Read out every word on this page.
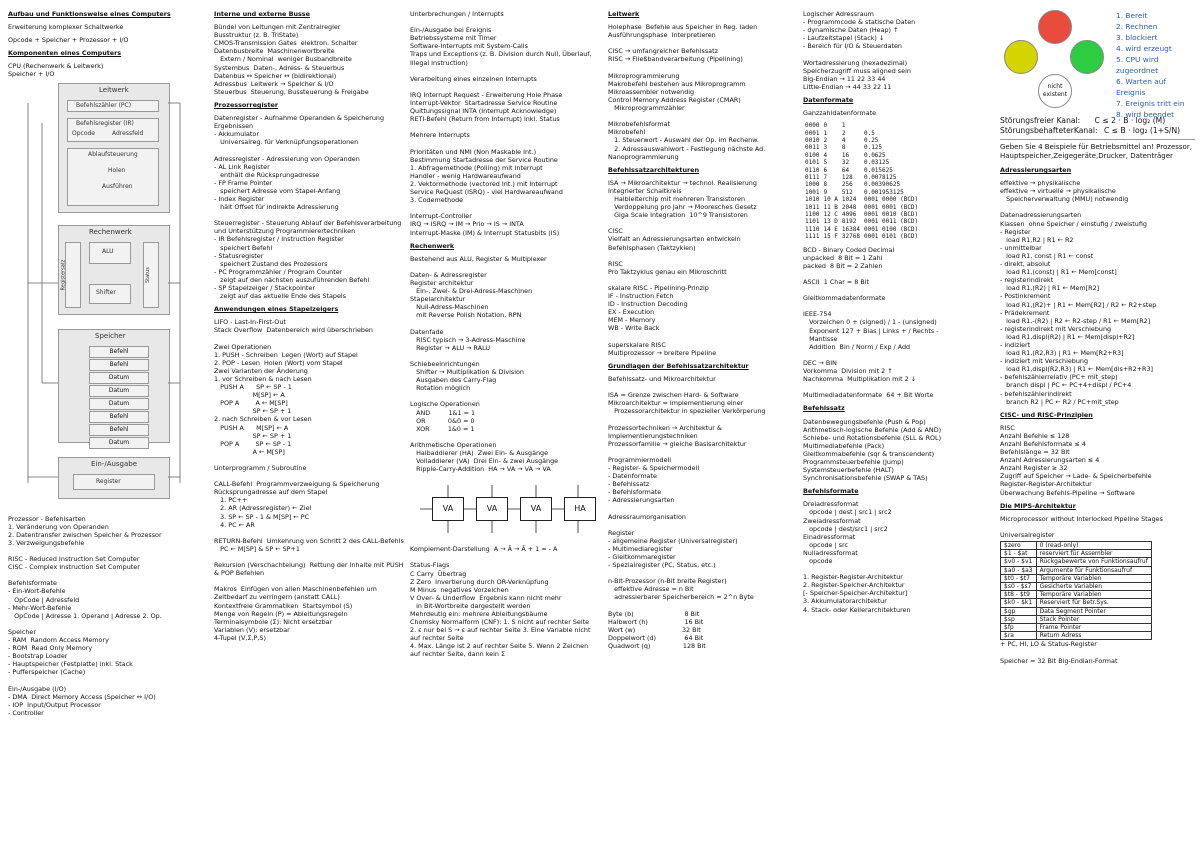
Aufbau und Funktionsweise eines Computers

Erweiterung komplexer Schaltwerke

Opcode + Speicher + Prozessor + I/O

Komponenten eines Computers

CPU (Rechenwerk & Leitwerk)

Speicher + I/O

Leitwerk
Befehlszähler (PC)
Befehlsregister (IR)
Opcode	Adressfeld
Ablaufsteuerung
Holen
Ausführen
Rechenwerk
ALU
Registersatz
Shifter
Status
Speicher
Befehl
Befehl
Datum
Datum
Datum
Befehl
Befehl
Datum
Ein-/Ausgabe
Register

Prozessor - Befehlsarten

1. Veränderung von Operanden

2. Datentransfer zwischen Speicher & Prozessor

3. Verzweigungsbefehle

RISC - Reduced Instruction Set Computer

CISC - Complex Instruction Set Computer

Befehlsformate

- Ein-Wort-Befehle

OpCode | Adressfeld

- Mehr-Wort-Befehle

OpCode | Adresse 1. Operand | Adresse 2. Op.

Speicher

- RAM  Random Access Memory

- ROM  Read Only Memory

- Bootstrap Loader

- Hauptspeicher (Festplatte) inkl. Stack

- Pufferspeicher (Cache)

Ein-/Ausgabe (I/O)

- DMA  Direct Memory Access (Speicher ↔ I/O)

- IOP  Input/Output Processor

- Controller

Interne und externe Busse

Bündel von Leitungen mit Zentralregler

Busstruktur (z. B. TriState)

CMOS-Transmission Gates  elektron. Schalter

Datenbusbreite  Maschinenwortbreite

Extern / Nominal  weniger Busbandbreite

Systembus  Daten-, Adress- & Steuerbus

Datenbus ↔ Speicher ↔ (bidirektional)

Adressbus  Leitwerk → Speicher & I/O

Steuerbus  Steuerung, Bussteuerung & Freigabe

Prozessorregister

Datenregister - Aufnahme Operanden & Speicherung Ergebnissen

- Akkumulator

Universalreg. für Verknüpfungsoperationen

Adressregister - Adressierung von Operanden

- AL Link Register

enthält die Rücksprungadresse

- FP Frame Pointer

speichert Adresse vom Stapel-Anfang

- Index Register

hält Offset für indirekte Adressierung

Steuerregister - Steuerung Ablauf der Befehlsverarbeitung und Unterstützung Programmierertechniken

- IR Befehlsregister / Instruction Register

speichert Befehl

- Statusregister

speichert Zustand des Prozessors

- PC Programmzähler / Program Counter

zeigt auf den nächsten auszuführenden Befehl

- SP Stapelzeiger / Stackpointer

zeigt auf das aktuelle Ende des Stapels

Anwendungen eines Stapelzeigers

LIFO - Last-In-First-Out

Stack Overflow  Datenbereich wird überschrieben

Zwei Operationen

1. PUSH - Schreiben  Legen (Wort) auf Stapel

2. POP - Lesen  Holen (Wort) vom Stapel

Zwei Varianten der Änderung

1. vor Schreiben & nach Lesen

PUSH A      SP ← SP - 1

M[SP] ← A

POP A        A ← M[SP]

SP ← SP + 1

2. nach Schreiben & vor Lesen

PUSH A      M[SP] ← A

SP ← SP + 1

POP A        SP ← SP - 1

A ← M[SP]

Unterprogramm / Subroutine

CALL-Befehl  Programmverzweigung & Speicherung Rücksprungadresse auf dem Stapel

1. PC++

2. AR (Adressregister) ← Ziel

3. SP ← SP - 1 & M[SP] ← PC

4. PC ← AR

RETURN-Befehl  Umkehrung von Schritt 2 des CALL-Befehls

PC ← M[SP] & SP ← SP+1

Rekursion (Verschachtelung)  Rettung der Inhalte mit PUSH & POP Befehlen

Makros  Einfügen von allen Maschinenbefehlen um Zeitbedarf zu verringern (anstatt CALL)

Kontextfreie Grammatiken  Startsymbol (S)

Menge von Regeln (P) = Ableitungsregeln

Terminalsymbole (Σ): Nicht ersetzbar

Variablen (V): ersetzbar

4-Tupel (V,Σ,P,S)

Unterbrechungen / Interrupts

Ein-/Ausgabe bei Ereignis

Betriebssysteme mit Timer

Software-Interrupts mit System-Calls

Traps und Exceptions (z. B. Division durch Null, Überlauf, Illegal Instruction)

Verarbeitung eines einzelnen Interrupts

IRQ Interrupt Request - Erweiterung Hole Phase

Interrupt-Vektor  Startadresse Service Routine

Quittungssignal INTA (Interrupt Acknowledge)

RETI-Befehl (Return from Interrupt) inkl. Status

Mehrere Interrupts

Prioritäten und NMI (Non Maskable Int.)

Bestimmung Startadresse der Service Routine

1. Abfragemethode (Polling) mit Interrupt

Handler - wenig Hardwareaufwand

2. Vektormethode (vectored Int.) mit Interrupt

Service ReQuest (ISRQ) - viel Hardwareaufwand

3. Codemethode

Interrupt-Controller

IRQ → ISRQ → IM → Prio → IS → INTA

Interrupt-Maske (IM) & Interrupt Statusbits (IS)

Rechenwerk

Bestehend aus ALU, Register & Multiplexer

Daten- & Adressregister

Register architektur

Ein-, Zwei- & Drei-Adress-Maschinen

Stapelarchitektur

Null-Adress-Maschinen

mit Reverse Polish Notation, RPN

Datenfade

RISC typisch → 3-Adress-Maschine

Register → ALU → RALU

Schiebeeinrichtungen

Shifter → Multiplikation & Division

Ausgaben des Carry-Flag

Rotation möglich

Logische Operationen

AND         1&1 = 1

OR           0&0 = 0

XOR         1&0 = 1

Arithmetische Operationen

Halbaddierer (HA)  Zwei Ein- & Ausgänge

Volladdierer (VA)  Drei Ein- & zwei Ausgänge

Ripple-Carry-Addition  HA → VA → VA → VA

VA	VA	VA	HA

Komplement-Darstellung  A → Ā → Ā + 1 = - A

Status-Flags

C Carry  Übertrag

Z Zero  Invertierung durch OR-Verknüpfung

M Minus  negatives Vorzeichen

V Over- & Underflow  Ergebnis kann nicht mehr

in Bit-Wortbreite dargestellt werden

Mehrdeutig ein: mehrere Ableitungsbäume

Chomsky Normalform (CNF): 1. S nicht auf rechter Seite

2. ε nur bei S → ε auf rechter Seite 3. Eine Variable nicht

auf rechter Seite

4. Max. Länge ist 2 auf rechter Seite 5. Wenn 2 Zeichen

auf rechter Seite, dann kein Σ

Leitwerk

Holephase  Befehle aus Speicher in Reg. laden

Ausführungsphase  Interpretieren

CISC → umfangreicher Befehlssatz

RISC → Fließbandverarbeitung (Pipelining)

Mikroprogrammierung

Makrobefehl bestehen aus Mikroprogramm

Mikroassembler notwendig

Control Memory Address Register (CMAR)

Mikroprogrammzähler

Mikrobefehlsformat

Mikrobefehl

1. Steuerwort - Auswahl der Op. im Rechenw.

2. Adressauswahlwort - Festlegung nächste Ad.

Nanoprogrammierung

Befehlssatzarchitekturen

ISA → Mikroarchitektur → technol. Realisierung

Integrierter Schaltkreis

Halbleiterchip mit mehreren Transistoren

Verdoppelung pro Jahr → Mooresches Gesetz

Giga Scale Integration  10^9 Transistoren

CISC

Vielfalt an Adressierungsarten entwickeln

Befehlsphasen (Taktzyklen)

RISC

Pro Taktzyklus genau ein Mikroschritt

skalare RISC - Pipelining-Prinzip

IF - Instruction Fetch

ID - Instruction Decoding

EX - Execution

MEM - Memory

WB - Write Back

superskalare RISC

Multiprozessor → breitere Pipeline

Grundlagen der Befehlssatzarchitektur

Befehlssatz- und Mikroarchitektur

ISA = Grenze zwischen Hard- & Software

Mikroarchitektur = Implementierung einer

Prozessorarchitektur in spezieller Verkörperung

Prozessortechniken → Architektur &

Implementierungstechniken

Prozessorfamilie → gleiche Basisarchitektur

Programmiermodell

- Register- & Speichermodell

- Datenformate

- Befehlssatz

- Befehlsformate

- Adressierungsarten

Adressraumorganisation

Register

- allgemeine Register (Universalregister)

- Multimediaregister

- Gleitkommaregister

- Spezialregister (PC, Status, etc.)

n-Bit-Prozessor (n-Bit breite Register)

effektive Adresse = n Bit

adressierbarer Speicherbereich = 2^n Byte

Byte (b)                         8 Bit

Halbwort (h)                  16 Bit

Wort (w)                       32 Bit

Doppelwort (d)              64 Bit

Quadwort (q)                128 Bit

Logischer Adressraum

- Programmcode & statische Daten

- dynamische Daten (Heap) ↑

- Laufzeitstapel (Stack) ↓

- Bereich für I/O & Steuerdaten

Wortadressierung (hexadezimal)

Speicherzugriff muss aligned sein

Big-Endian → 11 22 33 44

Little-Endian → 44 33 22 11

Datenformate

Ganzzahldatenformate

0000	0	1	
0001	1	2	0.5
0010	2	4	0.25
0011	3	8	0.125
0100	4	16	0.0625
0101	5	32	0.03125
0110	6	64	0.015625
0111	7	128	0.0078125
1000	8	256	0.00390625
1001	9	512	0.001953125
1010	10 A	1024	0001 0000 (BCD)
1011	11 B	2048	0001 0001 (BCD)
1100	12 C	4096	0001 0010 (BCD)
1101	13 D	8192	0001 0011 (BCD)
1110	14 E	16384	0001 0100 (BCD)
1111	15 F	32768	0001 0101 (BCD)

BCD - Binary Coded Decimal

unpacked  8 Bit = 1 Zahl

packed  8 Bit = 2 Zahlen

ASCII  1 Char = 8 Bit

Gleitkommadatenformate

IEEE-754

Vorzeichen 0 + (signed) / 1 - (unsigned)

Exponent 127 + Bias | Links + / Rechts -

Mantisse

Addition  Bin / Norm / Exp / Add

DEC → BIN

Vorkomma  Division mit 2 ↑

Nachkomma  Multiplikation mit 2 ↓

Multimediadatenformate  64 + Bit Worte

Befehlssatz

Datenbewegungsbefehle (Push & Pop)

Arithmetisch-logische Befehle (Add & AND)

Schiebe- und Rotationsbefehle (SLL & ROL)

Multimediabefehle (Pack)

Gleitkommabefehle (sqr & transcendent)

Programmsteuerbefehle (Jump)

Systemsteuerbefehle (HALT)

Synchronisationsbefehle (SWAP & TAS)

Befehlsformate

Dreiadressformat

opcode | dest | src1 | src2

Zweiadressformat

opcode | dest/src1 | src2

Einadressformat

opcode | src

Nulladressformat

opcode

1. Register-Register-Architektur

2. Register-Speicher-Architektur

[- Speicher-Speicher-Architektur]

3. Akkumulatorarchitektur

4. Stack- oder Kellerarchitekturen

nicht existent
1. Bereit
2. Rechnen
3. blockiert
4. wird erzeugt
5. CPU wird zugeordnet
6. Warten auf Ereignis
7. Ereignis tritt ein
8. wird beendet
Störungsfreier Kanal: C ≤ 2 · B · log₂ (M)
StörungsbehafteterKanal: C ≤ B · log₂ (1+S/N)
Geben Sie 4 Beispiele für Betriebsmittel an! Prozessor, Hauptspeicher,Zeigegeräte,Drucker, Datenträger

Adressierungsarten

effektive → physikalische

effektive → virtuelle → physikalische

Speicherverwaltung (MMU) notwendig

Datenadressierungsarten

Klassen  ohne Speicher / einstufig / zweistufig

- Register

load R1,R2 | R1 ← R2

- unmittelbar

load R1, const | R1 ← const

- direkt, absolut

load R1,(const) | R1 ← Mem[const]

- registerindirekt

load R1,(R2) | R1 ← Mem[R2]

- Postinkrement

load R1,(R2)+ | R1 ← Mem[R2] / R2 ← R2+step

- Prädekrement

load R1,-(R2) | R2 ← R2-step / R1 ← Mem[R2]

- registerindirekt mit Verschiebung

load R1,displ(R2) | R1 ← Mem[displ+R2]

- indiziert

load R1,(R2,R3) | R1 ← Mem[R2+R3]

- indiziert mit Verschiebung

load R1,displ(R2,R3) | R1 ← Mem[dis+R2+R3]

- befehlszählerrelativ (PC+ mit_step)

branch displ | PC ← PC+4+displ / PC+4

- befehlszählerindirekt

branch R2 | PC ← R2 / PC+mit_step

CISC- und RISC-Prinzipien

RISC

Anzahl Befehle ≤ 128

Anzahl Befehlsformate ≤ 4

Befehlslänge = 32 Bit

Anzahl Adressierungsarten ≤ 4

Anzahl Register ≥ 32

Zugriff auf Speicher → Lade- & Speicherbefehle

Register-Register-Architektur

Überwachung Befehls-Pipeline → Software

Die MIPS-Architektur

Microprocessor without Interlocked Pipeline Stages

Universalregister

$zero	0 (read-only)
$1 - $at	reserviert für Assembler
$v0 - $v1	Rückgabewerte von Funktionsaufruf
$a0 - $a3	Argumente für Funktionsaufruf
$t0 - $t7	Temporäre Variablen
$s0 - $s7	Gesicherte Variablen
$t8 - $t9	Temporäre Variablen
$k0 - $k1	Reserviert für Betr.Sys.
$gp	Data Segment Pointer
$sp	Stack Pointer
$fp	Frame Pointer
$ra	Return Adress

+ PC, HI, LO & Status-Register

Speicher = 32 Bit Big-Endian-Format
